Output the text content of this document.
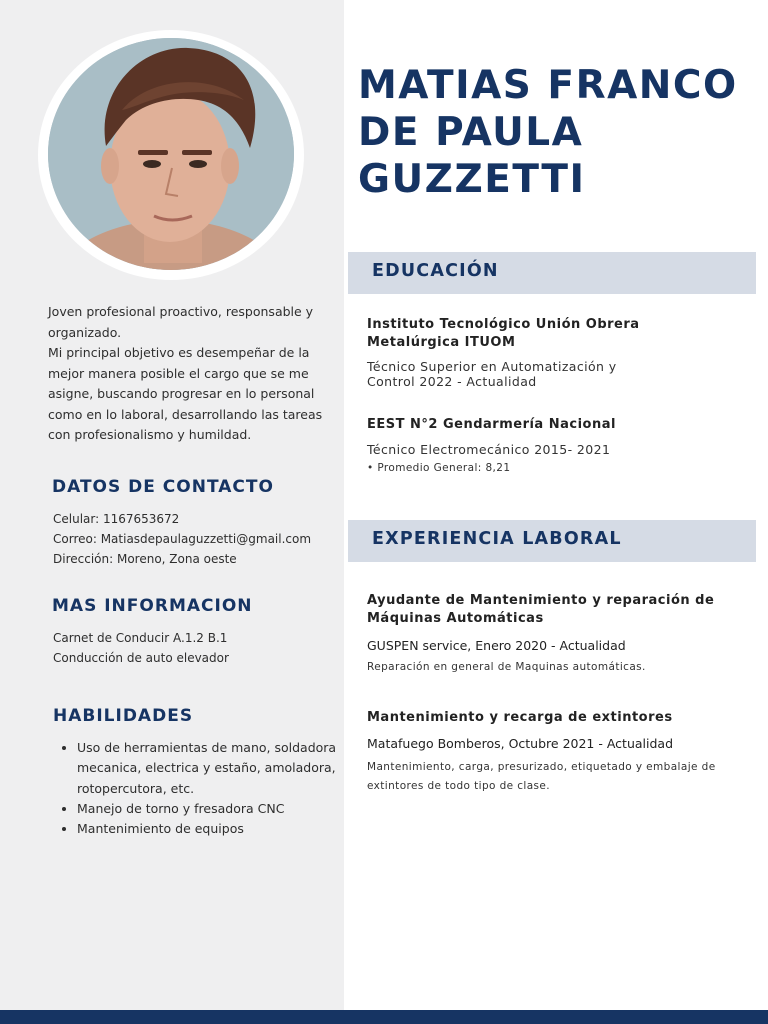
Joven profesional proactivo, responsable y organizado.

Mi principal objetivo es desempeñar de la mejor manera posible el cargo que se me asigne, buscando progresar en lo personal como en lo laboral, desarrollando las tareas con profesionalismo y humildad.

DATOS DE CONTACTO
Celular: 1167653672
Correo: Matiasdepaulaguzzetti@gmail.com
Dirección: Moreno, Zona oeste
MAS INFORMACION
Carnet de Conducir A.1.2 B.1
Conducción de auto elevador
HABILIDADES
• Uso de herramientas de mano, soldadora mecanica, electrica y estaño, amoladora, rotopercutora, etc.
• Manejo de torno y fresadora CNC
• Mantenimiento de equipos
MATIAS FRANCO
DE PAULA
GUZZETTI
EDUCACIÓN
Instituto Tecnológico Unión Obrera Metalúrgica ITUOM
Técnico Superior en Automatización y Control 2022 - Actualidad
EEST N°2 Gendarmería Nacional
Técnico Electromecánico 2015- 2021
• Promedio General: 8,21
EXPERIENCIA LABORAL
Ayudante de Mantenimiento y reparación de Máquinas Automáticas
GUSPEN service, Enero 2020 - Actualidad
Reparación en general de Maquinas automáticas.
Mantenimiento y recarga de extintores
Matafuego Bomberos, Octubre 2021 - Actualidad
Mantenimiento, carga, presurizado, etiquetado y embalaje de extintores de todo tipo de clase.
